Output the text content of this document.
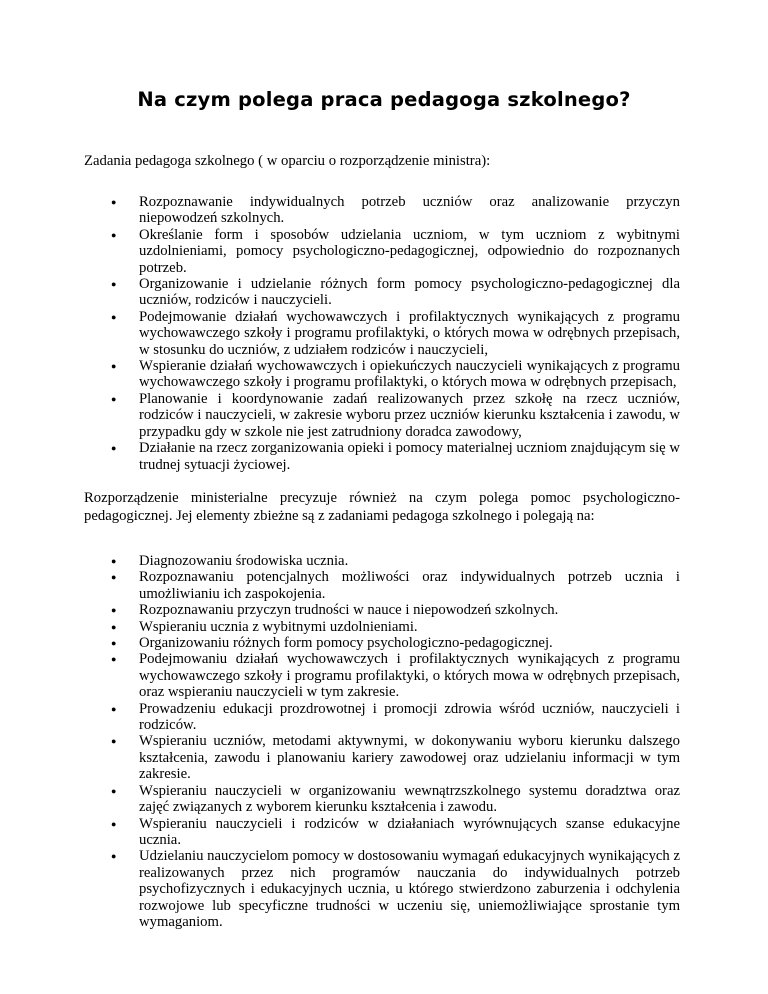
Na czym polega praca pedagoga szkolnego?

Zadania pedagoga szkolnego ( w oparciu o rozporządzenie ministra):

● Rozpoznawanie indywidualnych potrzeb uczniów oraz analizowanie przyczyn niepowodzeń szkolnych.
● Określanie form i sposobów udzielania uczniom, w tym uczniom z wybitnymi uzdolnieniami, pomocy psychologiczno-pedagogicznej, odpowiednio do rozpoznanych potrzeb.
● Organizowanie i udzielanie różnych form pomocy psychologiczno-pedagogicznej dla uczniów, rodziców i nauczycieli.
● Podejmowanie działań wychowawczych i profilaktycznych wynikających z programu wychowawczego szkoły i programu profilaktyki, o których mowa w odrębnych przepisach, w stosunku do uczniów, z udziałem rodziców i nauczycieli,
● Wspieranie działań wychowawczych i opiekuńczych nauczycieli wynikających z programu wychowawczego szkoły i programu profilaktyki, o których mowa w odrębnych przepisach,
● Planowanie i koordynowanie zadań realizowanych przez szkołę na rzecz uczniów, rodziców i nauczycieli, w zakresie wyboru przez uczniów kierunku kształcenia i zawodu, w przypadku gdy w szkole nie jest zatrudniony doradca zawodowy,
● Działanie na rzecz zorganizowania opieki i pomocy materialnej uczniom znajdującym się w trudnej sytuacji życiowej.

Rozporządzenie ministerialne precyzuje również na czym polega pomoc psychologiczno-pedagogicznej. Jej elementy zbieżne są z zadaniami pedagoga szkolnego i polegają na:

● Diagnozowaniu środowiska ucznia.
● Rozpoznawaniu potencjalnych możliwości oraz indywidualnych potrzeb ucznia i umożliwianiu ich zaspokojenia.
● Rozpoznawaniu przyczyn trudności w nauce i niepowodzeń szkolnych.
● Wspieraniu ucznia z wybitnymi uzdolnieniami.
● Organizowaniu różnych form pomocy psychologiczno-pedagogicznej.
● Podejmowaniu działań wychowawczych i profilaktycznych wynikających z programu wychowawczego szkoły i programu profilaktyki, o których mowa w odrębnych przepisach, oraz wspieraniu nauczycieli w tym zakresie.
● Prowadzeniu edukacji prozdrowotnej i promocji zdrowia wśród uczniów, nauczycieli i rodziców.
● Wspieraniu uczniów, metodami aktywnymi, w dokonywaniu wyboru kierunku dalszego kształcenia, zawodu i planowaniu kariery zawodowej oraz udzielaniu informacji w tym zakresie.
● Wspieraniu nauczycieli w organizowaniu wewnątrzszkolnego systemu doradztwa oraz zajęć związanych z wyborem kierunku kształcenia i zawodu.
● Wspieraniu nauczycieli i rodziców w działaniach wyrównujących szanse edukacyjne ucznia.
● Udzielaniu nauczycielom pomocy w dostosowaniu wymagań edukacyjnych wynikających z realizowanych przez nich programów nauczania do indywidualnych potrzeb psychofizycznych i edukacyjnych ucznia, u którego stwierdzono zaburzenia i odchylenia rozwojowe lub specyficzne trudności w uczeniu się, uniemożliwiające sprostanie tym wymaganiom.
